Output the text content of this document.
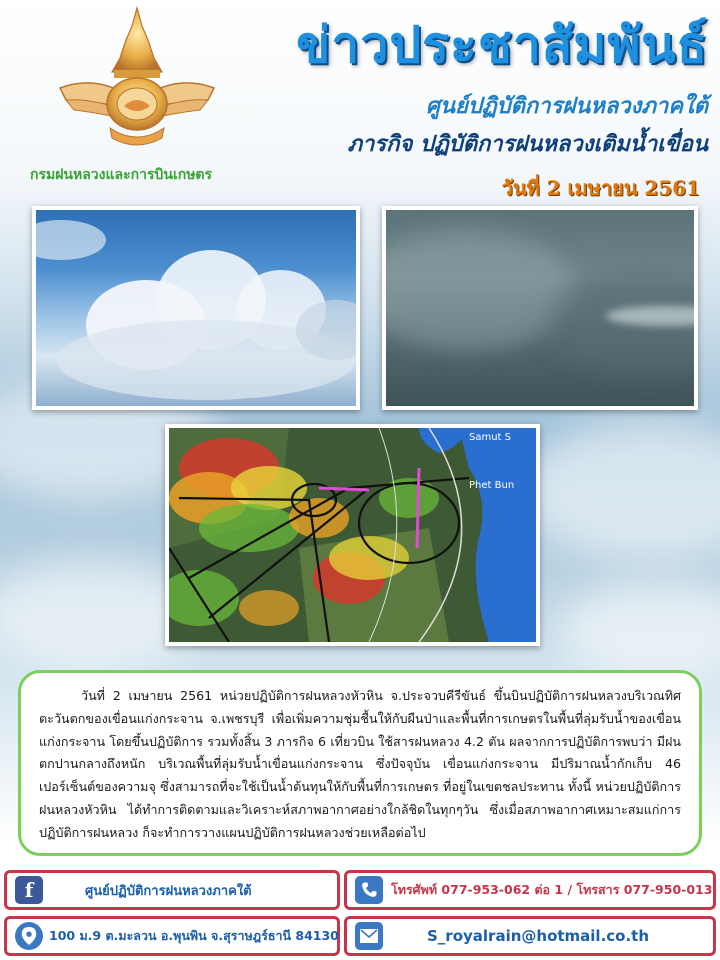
กรมฝนหลวงและการบินเกษตร
ข่าวประชาสัมพันธ์
ศูนย์ปฏิบัติการฝนหลวงภาคใต้
ภารกิจ ปฏิบัติการฝนหลวงเติมน้ำเขื่อน
วันที่ 2 เมษายน 2561
Samut S
Phet Bun

วันที่ 2 เมษายน 2561 หน่วยปฏิบัติการฝนหลวงหัวหิน จ.ประจวบคีรีขันธ์ ขึ้นบินปฏิบัติการฝนหลวงบริเวณทิศตะวันตกของเขื่อนแก่งกระจาน จ.เพชรบุรี เพื่อเพิ่มความชุ่มชื้นให้กับผืนป่าและพื้นที่การเกษตรในพื้นที่ลุ่มรับน้ำของเขื่อนแก่งกระจาน โดยขึ้นปฏิบัติการ รวมทั้งสิ้น 3 ภารกิจ 6 เที่ยวบิน ใช้สารฝนหลวง 4.2 ตัน ผลจากการปฏิบัติการพบว่า มีฝนตกปานกลางถึงหนัก บริเวณพื้นที่ลุ่มรับน้ำเขื่อนแก่งกระจาน ซึ่งปัจจุบัน เขื่อนแก่งกระจาน มีปริมาณน้ำกักเก็บ 46 เปอร์เซ็นต์ของความจุ ซึ่งสามารถที่จะใช้เป็นน้ำต้นทุนให้กับพื้นที่การเกษตร ที่อยู่ในเขตชลประทาน ทั้งนี้ หน่วยปฏิบัติการฝนหลวงหัวหิน ได้ทำการติดตามและวิเคราะห์สภาพอากาศอย่างใกล้ชิดในทุกๆวัน ซึ่งเมื่อสภาพอากาศเหมาะสมแก่การปฏิบัติการฝนหลวง ก็จะทำการวางแผนปฏิบัติการฝนหลวงช่วยเหลือต่อไป

f	ศูนย์ปฏิบัติการฝนหลวงภาคใต้	โทรศัพท์ 077-953-062 ต่อ 1 / โทรสาร 077-950-013
100 ม.9 ต.มะลวน อ.พุนพิน จ.สุราษฎร์ธานี 84130	S_royalrain@hotmail.co.th
